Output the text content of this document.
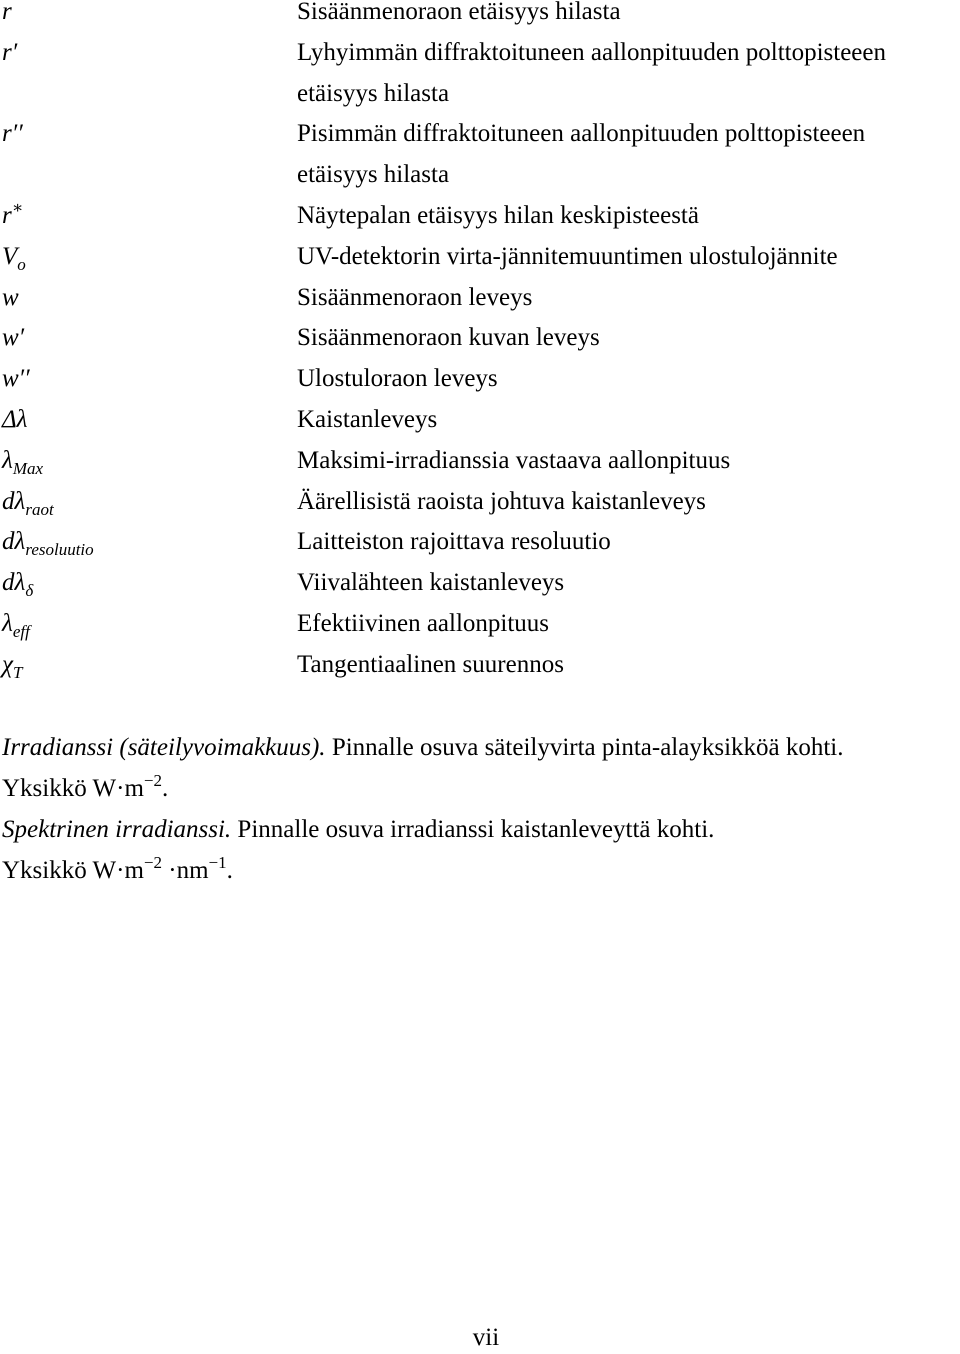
r
r′
r′′
r∗
$V_o$
w
w′
w′′
Δλ
$\lambda_{Max}$
$d\lambda_{raot}$
$d\lambda_{resoluutio}$
$d\lambda_\delta$
$\lambda_{eff}$
$\chi_T$
Sisäänmenoraon etäisyys hilasta
Lyhyimmän diffraktoituneen aallonpituuden polttopisteeen
etäisyys hilasta
Pisimmän diffraktoituneen aallonpituuden polttopisteeen
etäisyys hilasta
Näytepalan etäisyys hilan keskipisteestä
UV-detektorin virta-jännitemuuntimen ulostulojännite
Sisäänmenoraon leveys
Sisäänmenoraon kuvan leveys
Ulostuloraon leveys
Kaistanleveys
Maksimi-irradianssia vastaava aallonpituus
Äärellisistä raoista johtuva kaistanleveys
Laitteiston rajoittava resoluutio
Viivalähteen kaistanleveys
Efektiivinen aallonpituus
Tangentiaalinen suurennos
Irradianssi (säteilyvoimakkuus). Pinnalle osuva säteilyvirta pinta-alayksikköä kohti.
Yksikkö $W\cdot m^{-2}$.
Spektrinen irradianssi. Pinnalle osuva irradianssi kaistanleveyttä kohti.
Yksikkö $W\cdot m^{-2} \cdot nm^{-1}$.
vii
